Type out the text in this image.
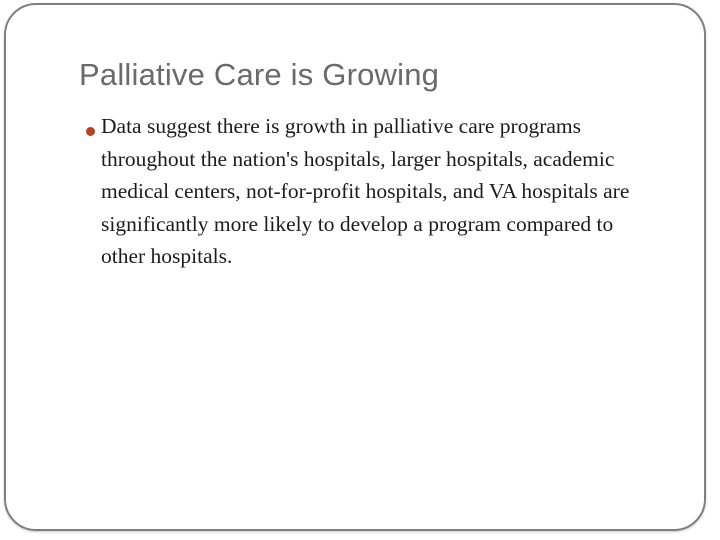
Palliative Care is Growing
Data suggest there is growth in palliative care programs
throughout the nation's hospitals, larger hospitals, academic
medical centers, not-for-profit hospitals, and VA hospitals are
significantly more likely to develop a program compared to
other hospitals.
